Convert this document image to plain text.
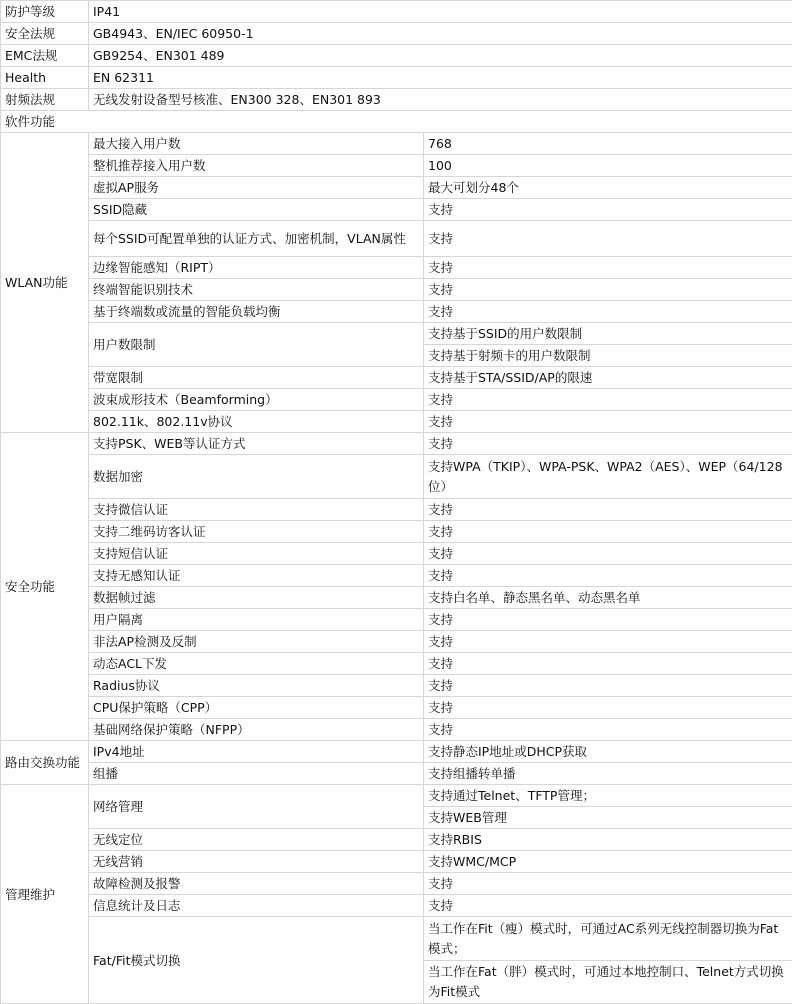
防护等级	IP41	
安全法规	GB4943、EN/IEC 60950-1	
EMC法规	GB9254、EN301 489	
Health	EN 62311	
射频法规	无线发射设备型号核准、EN300 328、EN301 893	
软件功能		
WLAN功能	最大接入用户数	768
	整机推荐接入用户数	100
	虚拟AP服务	最大可划分48个
	SSID隐藏	支持
	每个SSID可配置单独的认证方式、加密机制，VLAN属性	支持
	边缘智能感知（RIPT）	支持
	终端智能识别技术	支持
	基于终端数或流量的智能负载均衡	支持
	用户数限制	支持基于SSID的用户数限制
		支持基于射频卡的用户数限制
	带宽限制	支持基于STA/SSID/AP的限速
	波束成形技术（Beamforming）	支持
	802.11k、802.11v协议	支持
安全功能	支持PSK、WEB等认证方式	支持
	数据加密	支持WPA（TKIP）、WPA-PSK、WPA2（AES）、WEP（64/128位）
	支持微信认证	支持
	支持二维码访客认证	支持
	支持短信认证	支持
	支持无感知认证	支持
	数据帧过滤	支持白名单、静态黑名单、动态黑名单
	用户隔离	支持
	非法AP检测及反制	支持
	动态ACL下发	支持
	Radius协议	支持
	CPU保护策略（CPP）	支持
	基础网络保护策略（NFPP）	支持
路由交换功能	IPv4地址	支持静态IP地址或DHCP获取
	组播	支持组播转单播
管理维护	网络管理	支持通过Telnet、TFTP管理；
		支持WEB管理
	无线定位	支持RBIS
	无线营销	支持WMC/MCP
	故障检测及报警	支持
	信息统计及日志	支持
	Fat/Fit模式切换	当工作在Fit（瘦）模式时，可通过AC系列无线控制器切换为Fat模式；
		当工作在Fat（胖）模式时，可通过本地控制口、Telnet方式切换为Fit模式
